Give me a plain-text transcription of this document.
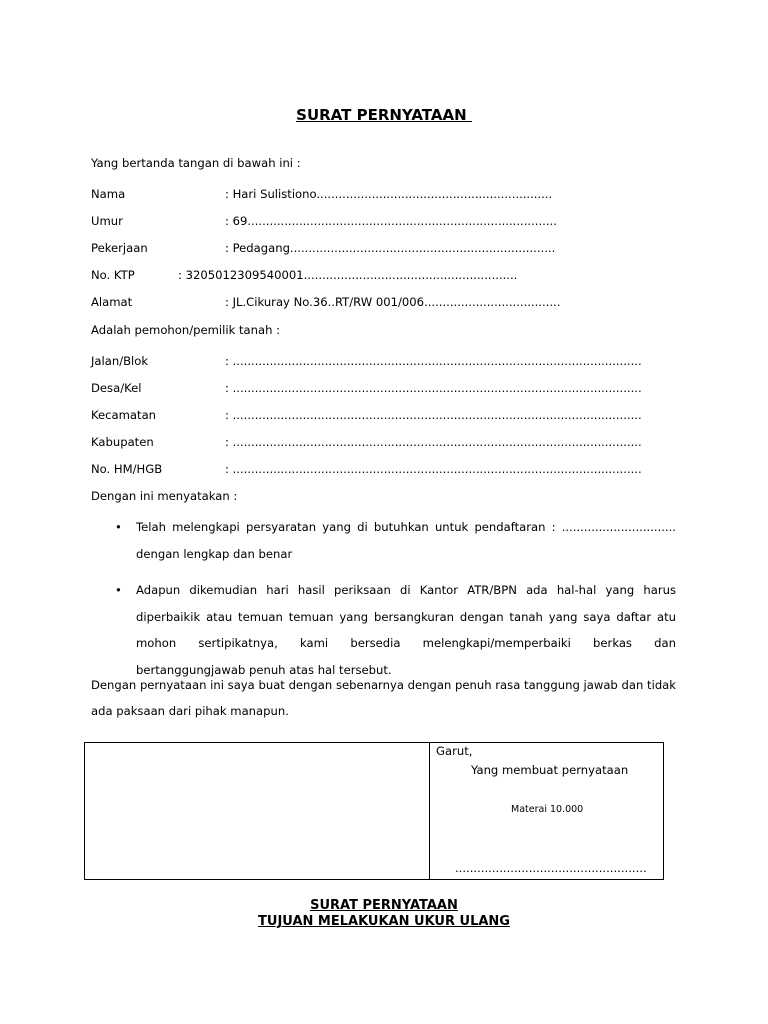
SURAT PERNYATAAN
Yang bertanda tangan di bawah ini :
Nama	: Hari Sulistiono................................................................
Umur	: 69....................................................................................
Pekerjaan	: Pedagang........................................................................
No. KTP	: 3205012309540001..........................................................
Alamat	: JL.Cikuray No.36..RT/RW 001/006.....................................
Adalah pemohon/pemilik tanah :
Jalan/Blok	: ...............................................................................................................
Desa/Kel	: ...............................................................................................................
Kecamatan	: ...............................................................................................................
Kabupaten	: ...............................................................................................................
No. HM/HGB	: ...............................................................................................................
Dengan ini menyatakan :
• Telah melengkapi persyaratan yang di butuhkan untuk pendaftaran : ............................... dengan lengkap dan benar
• Adapun dikemudian hari hasil periksaan di Kantor ATR/BPN ada hal-hal yang harus diperbaikik atau temuan temuan yang bersangkuran dengan tanah yang saya daftar atu mohon sertipikatnya, kami bersedia melengkapi/memperbaiki berkas dan bertanggungjawab penuh atas hal tersebut.
Dengan pernyataan ini saya buat dengan sebenarnya dengan penuh rasa tanggung jawab dan tidak ada paksaan dari pihak manapun.
Garut,
Yang membuat pernyataan
Materai 10.000
....................................................
SURAT PERNYATAAN
TUJUAN MELAKUKAN UKUR ULANG
